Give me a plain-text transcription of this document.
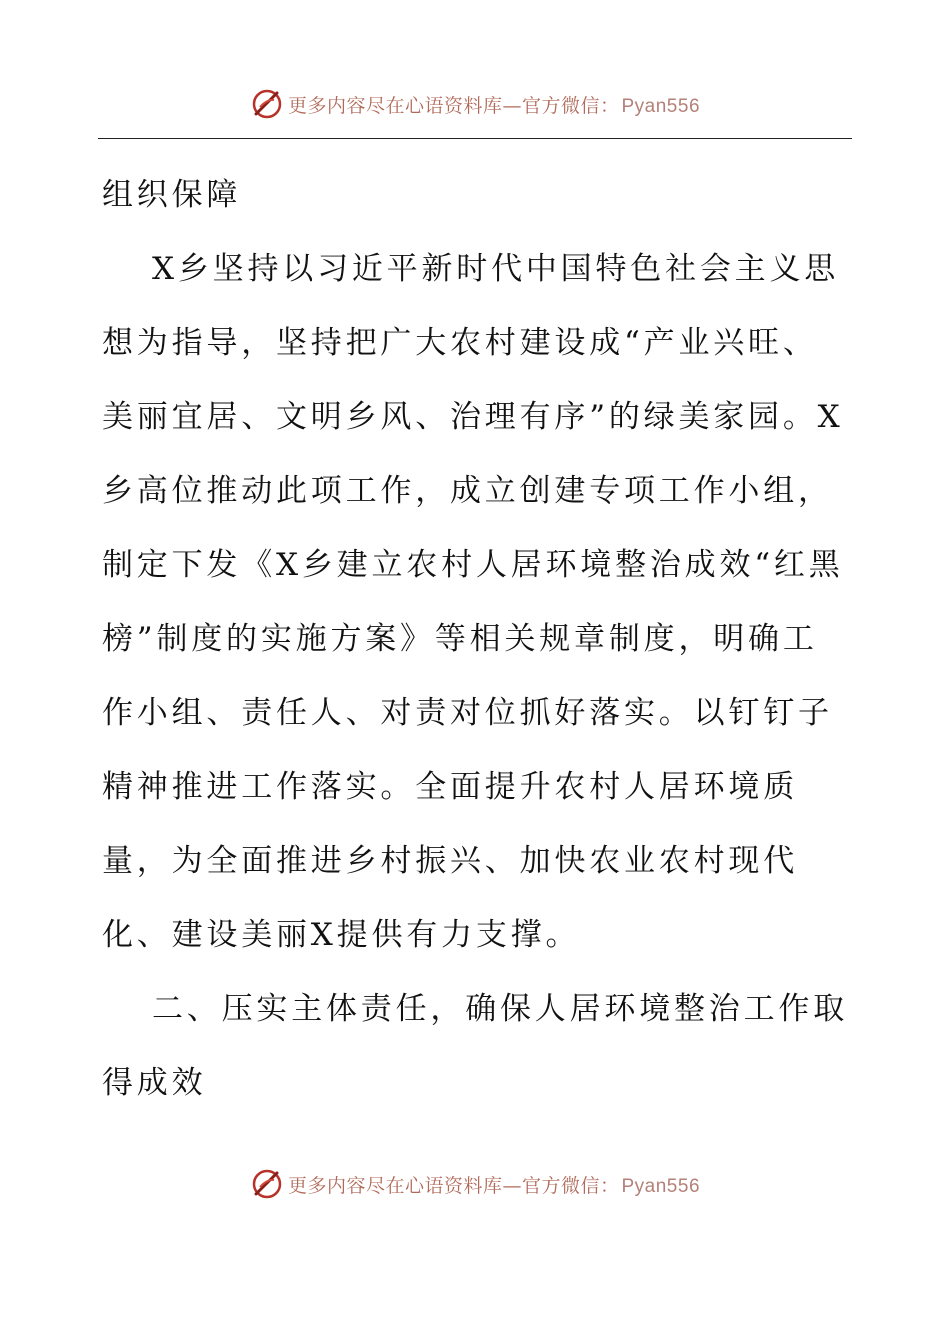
更多内容尽在心语资料库—官方微信： Pyan556

组织保障

X乡坚持以习近平新时代中国特色社会主义思想为指导，坚持把广大农村建设成“产业兴旺、美丽宜居、文明乡风、治理有序”的绿美家园。X乡高位推动此项工作，成立创建专项工作小组，制定下发《X乡建立农村人居环境整治成效“红黑榜”制度的实施方案》等相关规章制度，明确工作小组、责任人、对责对位抓好落实。以钉钉子精神推进工作落实。全面提升农村人居环境质量，为全面推进乡村振兴、加快农业农村现代化、建设美丽X提供有力支撑。

二、压实主体责任，确保人居环境整治工作取得成效

更多内容尽在心语资料库—官方微信： Pyan556
